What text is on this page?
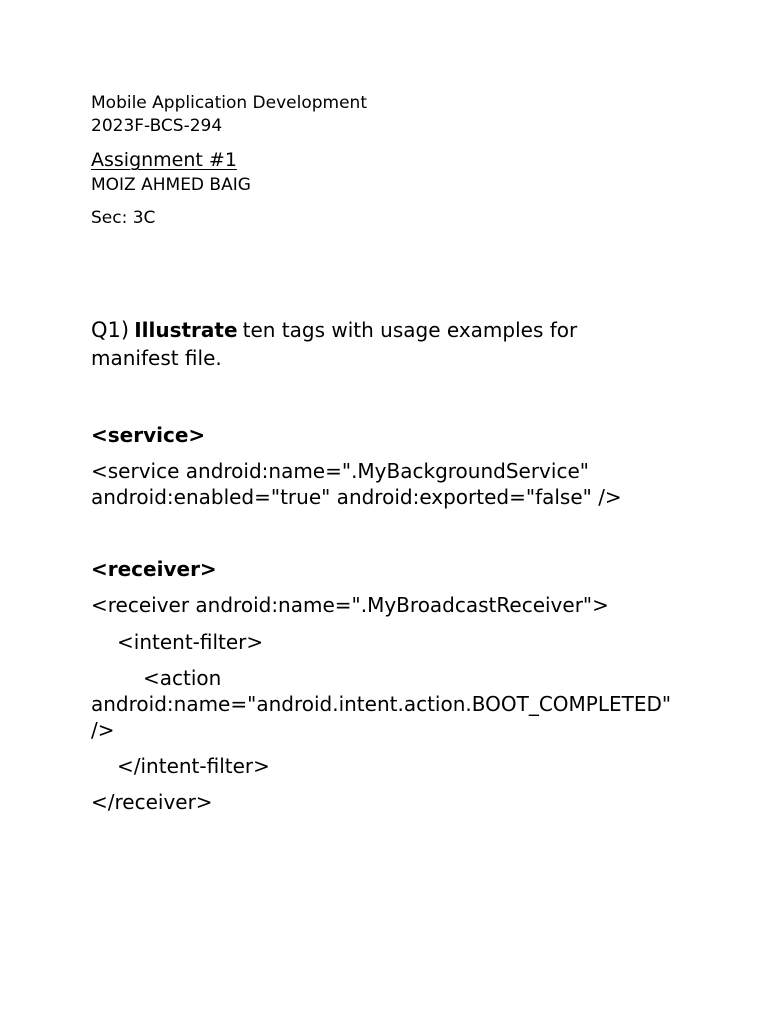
Mobile Application Development
2023F-BCS-294
Assignment #1
MOIZ AHMED BAIG
Sec: 3C
Q1) Illustrate ten tags with usage examples for
manifest file.
<service>
<service android:name=".MyBackgroundService"
android:enabled="true" android:exported="false" />
<receiver>
<receiver android:name=".MyBroadcastReceiver">
<intent-filter>
<action
android:name="android.intent.action.BOOT_COMPLETED"
/>
</intent-filter>
</receiver>
